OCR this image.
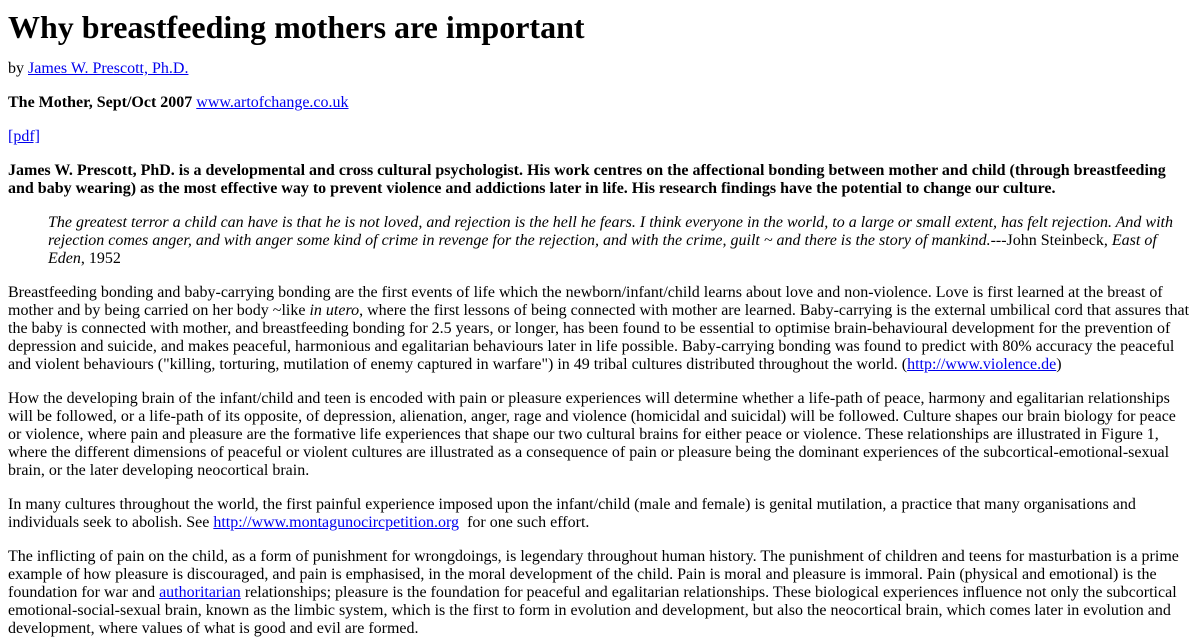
Why breastfeeding mothers are important

by James W. Prescott, Ph.D.

The Mother, Sept/Oct 2007 www.artofchange.co.uk

[pdf]

James W. Prescott, PhD. is a developmental and cross cultural psychologist. His work centres on the affectional bonding between mother and child (through breastfeeding and baby wearing) as the most effective way to prevent violence and addictions later in life. His research findings have the potential to change our culture.

The greatest terror a child can have is that he is not loved, and rejection is the hell he fears. I think everyone in the world, to a large or small extent, has felt rejection. And with rejection comes anger, and with anger some kind of crime in revenge for the rejection, and with the crime, guilt ~ and there is the story of mankind.---John Steinbeck, East of Eden, 1952

Breastfeeding bonding and baby-carrying bonding are the first events of life which the newborn/infant/child learns about love and non-violence. Love is first learned at the breast of mother and by being carried on her body ~like in utero, where the first lessons of being connected with mother are learned. Baby-carrying is the external umbilical cord that assures that the baby is connected with mother, and breastfeeding bonding for 2.5 years, or longer, has been found to be essential to optimise brain-behavioural development for the prevention of depression and suicide, and makes peaceful, harmonious and egalitarian behaviours later in life possible. Baby-carrying bonding was found to predict with 80% accuracy the peaceful and violent behaviours ("killing, torturing, mutilation of enemy captured in warfare") in 49 tribal cultures distributed throughout the world. (http://www.violence.de)

How the developing brain of the infant/child and teen is encoded with pain or pleasure experiences will determine whether a life-path of peace, harmony and egalitarian relationships will be followed, or a life-path of its opposite, of depression, alienation, anger, rage and violence (homicidal and suicidal) will be followed. Culture shapes our brain biology for peace or violence, where pain and pleasure are the formative life experiences that shape our two cultural brains for either peace or violence. These relationships are illustrated in Figure 1, where the different dimensions of peaceful or violent cultures are illustrated as a consequence of pain or pleasure being the dominant experiences of the subcortical-emotional-sexual brain, or the later developing neocortical brain.

In many cultures throughout the world, the first painful experience imposed upon the infant/child (male and female) is genital mutilation, a practice that many organisations and individuals seek to abolish. See http://www.montagunocircpetition.org  for one such effort.

The inflicting of pain on the child, as a form of punishment for wrongdoings, is legendary throughout human history. The punishment of children and teens for masturbation is a prime example of how pleasure is discouraged, and pain is emphasised, in the moral development of the child. Pain is moral and pleasure is immoral. Pain (physical and emotional) is the foundation for war and authoritarian relationships; pleasure is the foundation for peaceful and egalitarian relationships. These biological experiences influence not only the subcortical emotional-social-sexual brain, known as the limbic system, which is the first to form in evolution and development, but also the neocortical brain, which comes later in evolution and development, where values of what is good and evil are formed.
